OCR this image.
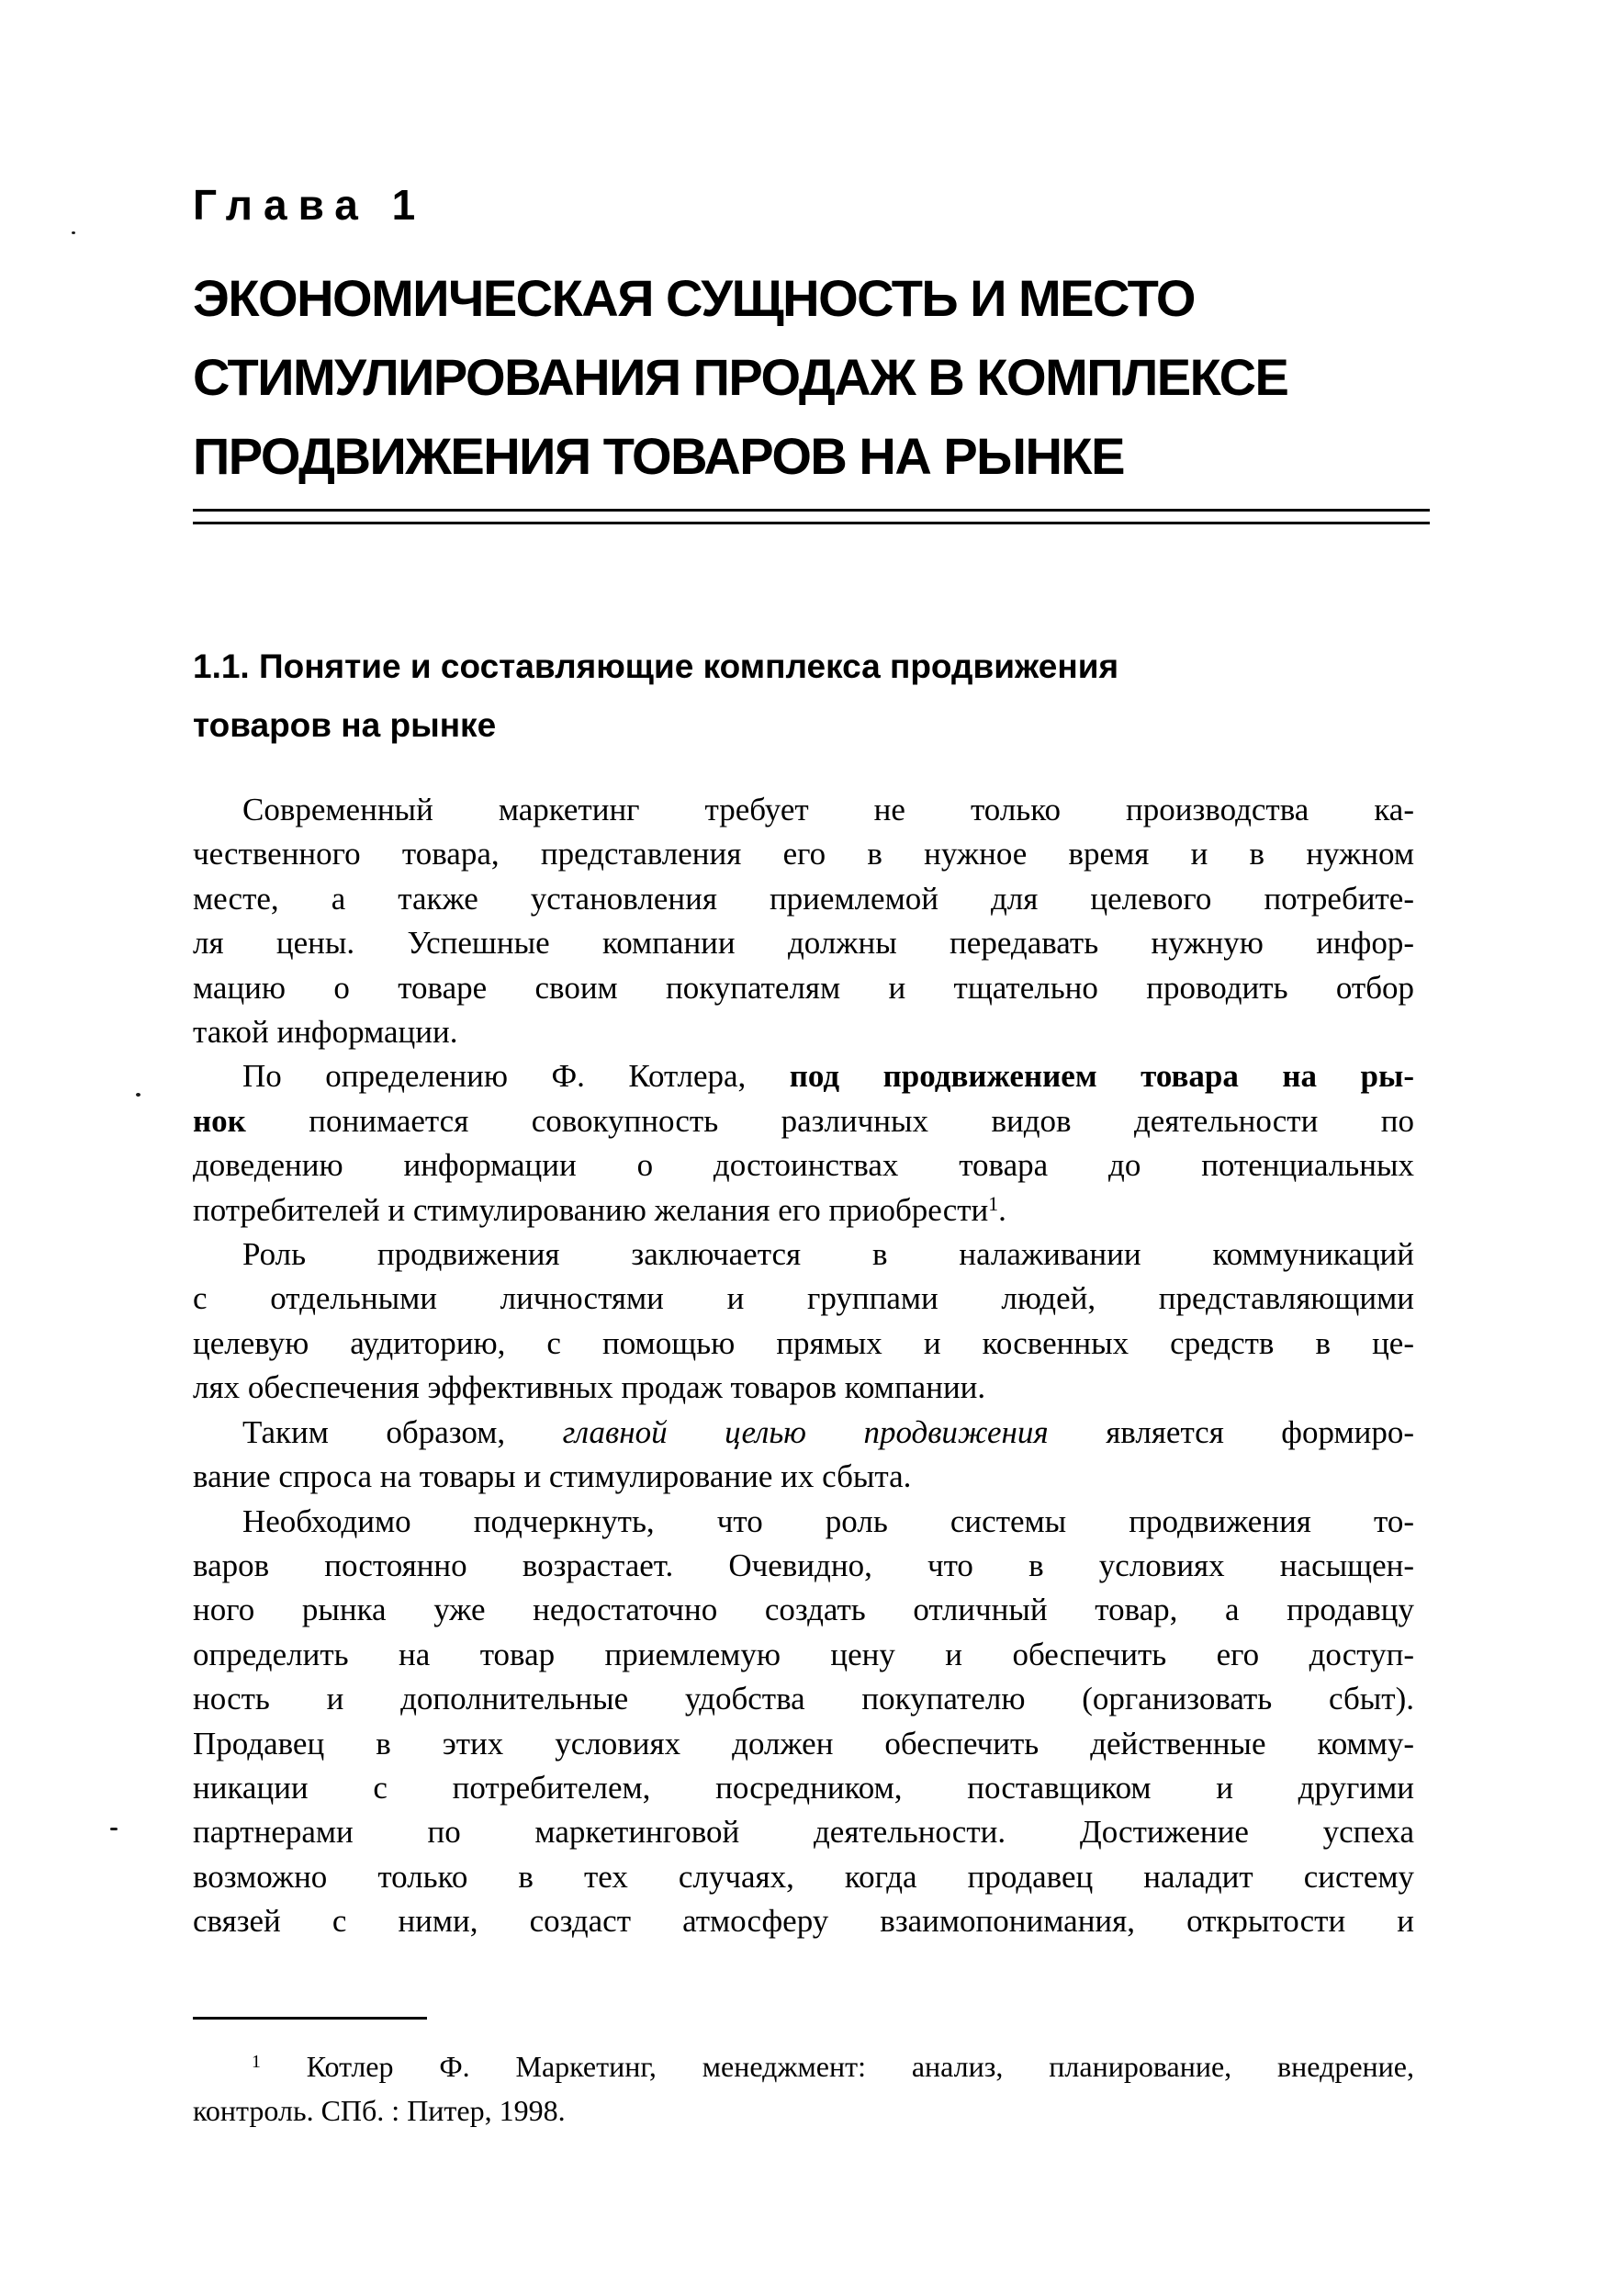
Глава 1
ЭКОНОМИЧЕСКАЯ СУЩНОСТЬ И МЕСТО
СТИМУЛИРОВАНИЯ ПРОДАЖ В КОМПЛЕКСЕ
ПРОДВИЖЕНИЯ ТОВАРОВ НА РЫНКЕ
1.1. Понятие и составляющие комплекса продвижения
товаров на рынке
Современный маркетинг требует не только производства ка-
чественного товара, представления его в нужное время и в нужном
месте, а также установления приемлемой для целевого потребите-
ля цены. Успешные компании должны передавать нужную инфор-
мацию о товаре своим покупателям и тщательно проводить отбор
такой информации.
По определению Ф. Котлера, под продвижением товара на ры-
нок понимается совокупность различных видов деятельности по
доведению информации о достоинствах товара до потенциальных
потребителей и стимулированию желания его приобрести$^1$.
Роль продвижения заключается в налаживании коммуникаций
с отдельными личностями и группами людей, представляющими
целевую аудиторию, с помощью прямых и косвенных средств в це-
лях обеспечения эффективных продаж товаров компании.
Таким образом, главной целью продвижения является формиро-
вание спроса на товары и стимулирование их сбыта.
Необходимо подчеркнуть, что роль системы продвижения то-
варов постоянно возрастает. Очевидно, что в условиях насыщен-
ного рынка уже недостаточно создать отличный товар, а продавцу
определить на товар приемлемую цену и обеспечить его доступ-
ность и дополнительные удобства покупателю (организовать сбыт).
Продавец в этих условиях должен обеспечить действенные комму-
никации с потребителем, посредником, поставщиком и другими
партнерами по маркетинговой деятельности. Достижение успеха
возможно только в тех случаях, когда продавец наладит систему
связей с ними, создаст атмосферу взаимопонимания, открытости и
$^1$ Котлер Ф. Маркетинг, менеджмент: анализ, планирование, внедрение,
контроль. СПб. : Питер, 1998.
